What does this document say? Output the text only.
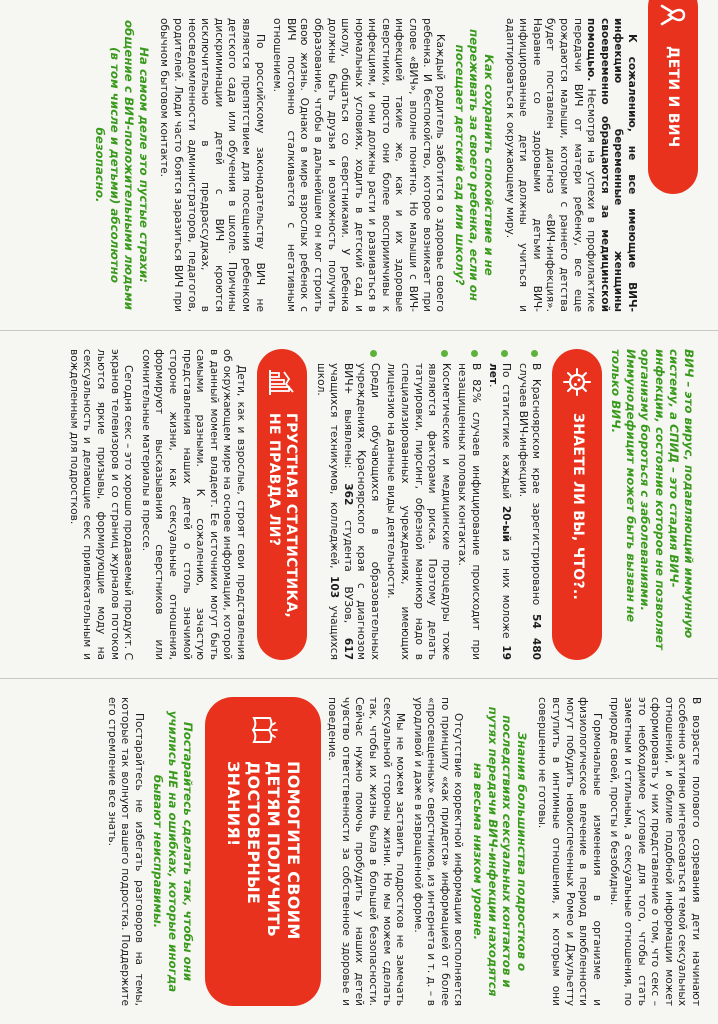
ДЕТИ И ВИЧ

К сожалению, не все имеющие ВИЧ-инфекцию беременные женщины своевременно обращаются за медицинской помощью. Несмотря на успехи в профилактике передачи ВИЧ от матери ребенку, все еще рождаются малыши, которым с раннего детства будет поставлен диагноз «ВИЧ-инфекция». Наравне со здоровыми детьми ВИЧ-инфицированные дети должны учиться и адаптироваться к окружающему миру.

Как сохранить спокойствие и не переживать за своего ребенка, если он посещает детский сад или школу?

Каждый родитель заботится о здоровье своего ребенка. И беспокойство, которое возникает при слове «ВИЧ», вполне понятно. Но малыши с ВИЧ-инфекцией такие же, как и их здоровые сверстники, просто они более восприимчивы к инфекциям, и они должны расти и развиваться в нормальных условиях, ходить в детский сад и школу, общаться со сверстниками. У ребенка должны быть друзья и возможность получить образование, чтобы в дальнейшем он мог строить свою жизнь. Однако в мире взрослых ребенок с ВИЧ постоянно сталкивается с негативным отношением.

По российскому законодательству ВИЧ не является препятствием для посещения ребенком детского сада или обучения в школе. Причины дискриминации детей с ВИЧ кроются исключительно в предрассудках, в неосведомленности администраторов, педагогов, родителей. Люди часто боятся заразиться ВИЧ при обычном бытовом контакте.

На самом деле это пустые страхи: общение с ВИЧ-положительными людьми (в том числе и детьми) абсолютно безопасно.
ВИЧ – это вирус, подавляющий иммунную систему, а СПИД – это стадия ВИЧ-инфекции, состояние которое не позволяет организму бороться с заболеваниями. Иммунодефицит может быть вызван не только ВИЧ.
ЗНАЕТЕ ЛИ ВЫ, ЧТО?..
В Красноярском крае зарегистрировано 54 480 случаев ВИЧ-инфекции.
По статистике каждый 20-ый из них моложе 19 лет.
В 82% случаев инфицирование происходит при незащищенных половых контактах.
Косметические и медицинские процедуры тоже являются факторами риска. Поэтому делать татуировки, пирсинг, обрезной маникюр надо в специализированных учреждениях, имеющих лицензию на данные виды деятельности.
Среди обучающихся в образовательных учреждениях Красноярского края с диагнозом ВИЧ+ выявлены: 362 студента ВУЗов, 617 учащихся техникумов, колледжей, 103 учащихся школ.
ГРУСТНАЯ СТАТИСТИКА, НЕ ПРАВДА ЛИ?

Дети, как и взрослые, строят свои представления об окружающем мире на основе информации, которой в данный момент владеют. Ее источники могут быть самыми разными. К сожалению, зачастую представления наших детей о столь значимой стороне жизни, как сексуальные отношения, формируют высказывания сверстников или сомнительные материалы в прессе.

Сегодня секс – это хорошо продаваемый продукт. С экранов телевизоров и со страниц журналов потоком льются яркие призывы, формирующие моду на сексуальность и делающие секс привлекательным и вожделенным для подростков.

В возрасте полового созревания дети начинают особенно активно интересоваться темой сексуальных отношений, и обилие подобной информации может сформировать у них представление о том, что секс – это необходимое условие для того, чтобы стать заметным и стильным, а сексуальные отношения, по природе своей, просты и безобидны.

Гормональные изменения в организме и физиологическое влечение в период влюбленности могут побудить новоиспеченных Ромео и Джульетту вступить в интимные отношения, к которым они совершенно не готовы.

Знания большинства подростков о последствиях сексуальных контактов и путях передачи ВИЧ-инфекции находятся на весьма низком уровне.

Отсутствие корректной информации восполняется по принципу «как придется» информацией от более «просвещенных» сверстников, из интернета и т. д. – в уродливой и даже в извращенной форме.

Мы не можем заставить подростков не замечать сексуальной стороны жизни. Но мы можем сделать так, чтобы их жизнь была в большей безопасности. Сейчас нужно помочь пробудить у наших детей чувство ответственности за собственное здоровье и поведение.

ПОМОГИТЕ СВОИМ ДЕТЯМ ПОЛУЧИТЬ ДОСТОВЕРНЫЕ ЗНАНИЯ!
Постарайтесь сделать так, чтобы они учились НЕ на ошибках, которые иногда бывают неисправимы.

Постарайтесь не избегать разговоров на темы, которые так волнуют вашего подростка. Поддержите его стремление все знать.
